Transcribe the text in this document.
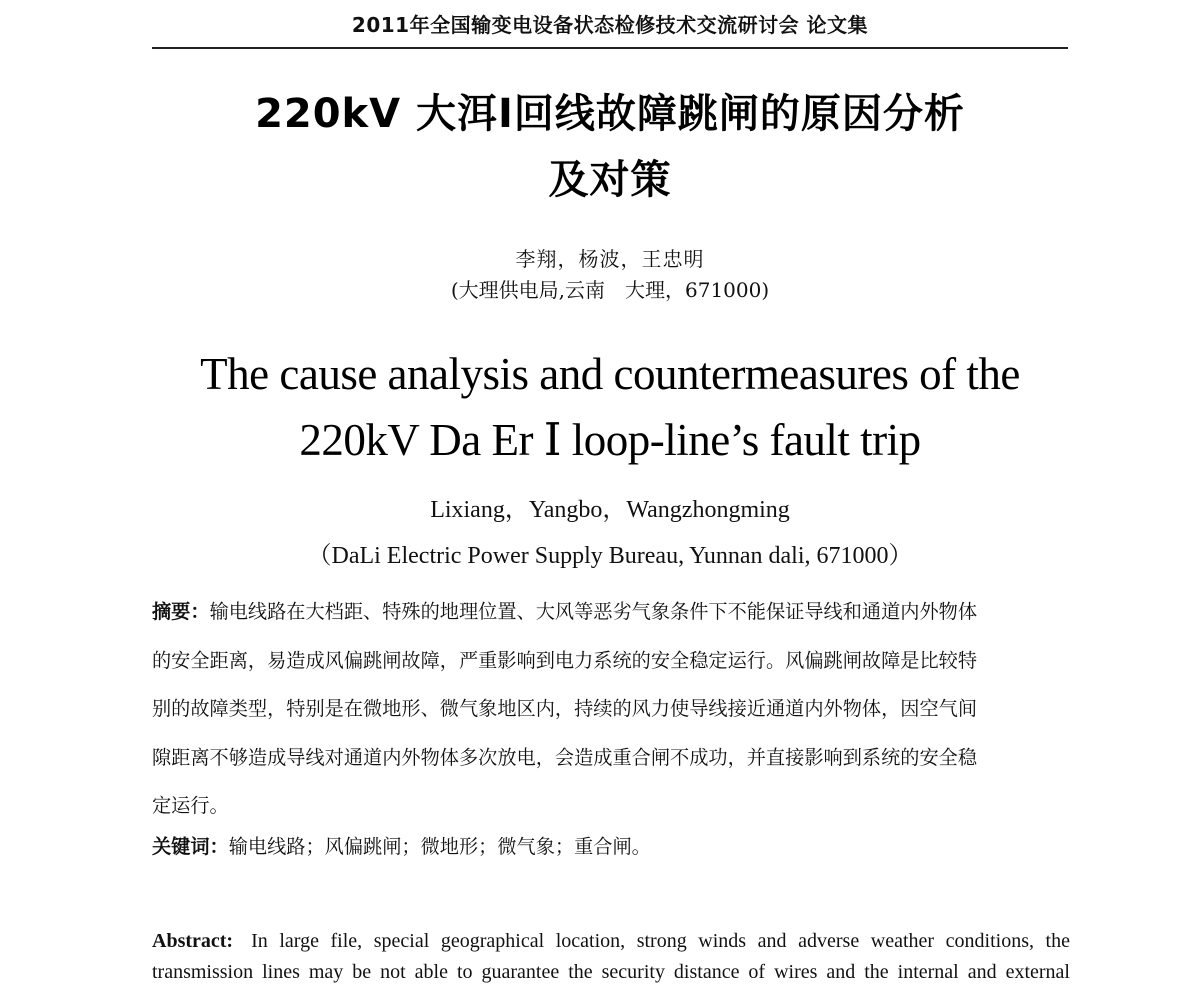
2011年全国输变电设备状态检修技术交流研讨会 论文集
220kV 大洱Ⅰ回线故障跳闸的原因分析
及对策
李翔，杨波，王忠明
(大理供电局,云南　大理，671000)
The cause analysis and countermeasures of the
220kV Da Er Ⅰ loop-line’s fault trip
Lixiang，Yangbo，Wangzhongming
（DaLi Electric Power Supply Bureau, Yunnan dali, 671000）
摘要：输电线路在大档距、特殊的地理位置、大风等恶劣气象条件下不能保证导线和通道内外物体
的安全距离，易造成风偏跳闸故障，严重影响到电力系统的安全稳定运行。风偏跳闸故障是比较特
别的故障类型，特别是在微地形、微气象地区内，持续的风力使导线接近通道内外物体，因空气间
隙距离不够造成导线对通道内外物体多次放电，会造成重合闸不成功，并直接影响到系统的安全稳
定运行。
关键词：输电线路；风偏跳闸；微地形；微气象；重合闸。
Abstract: In large file, special geographical location, strong winds and adverse weather conditions, the
transmission lines may be not able to guarantee the security distance of wires and the internal and external
